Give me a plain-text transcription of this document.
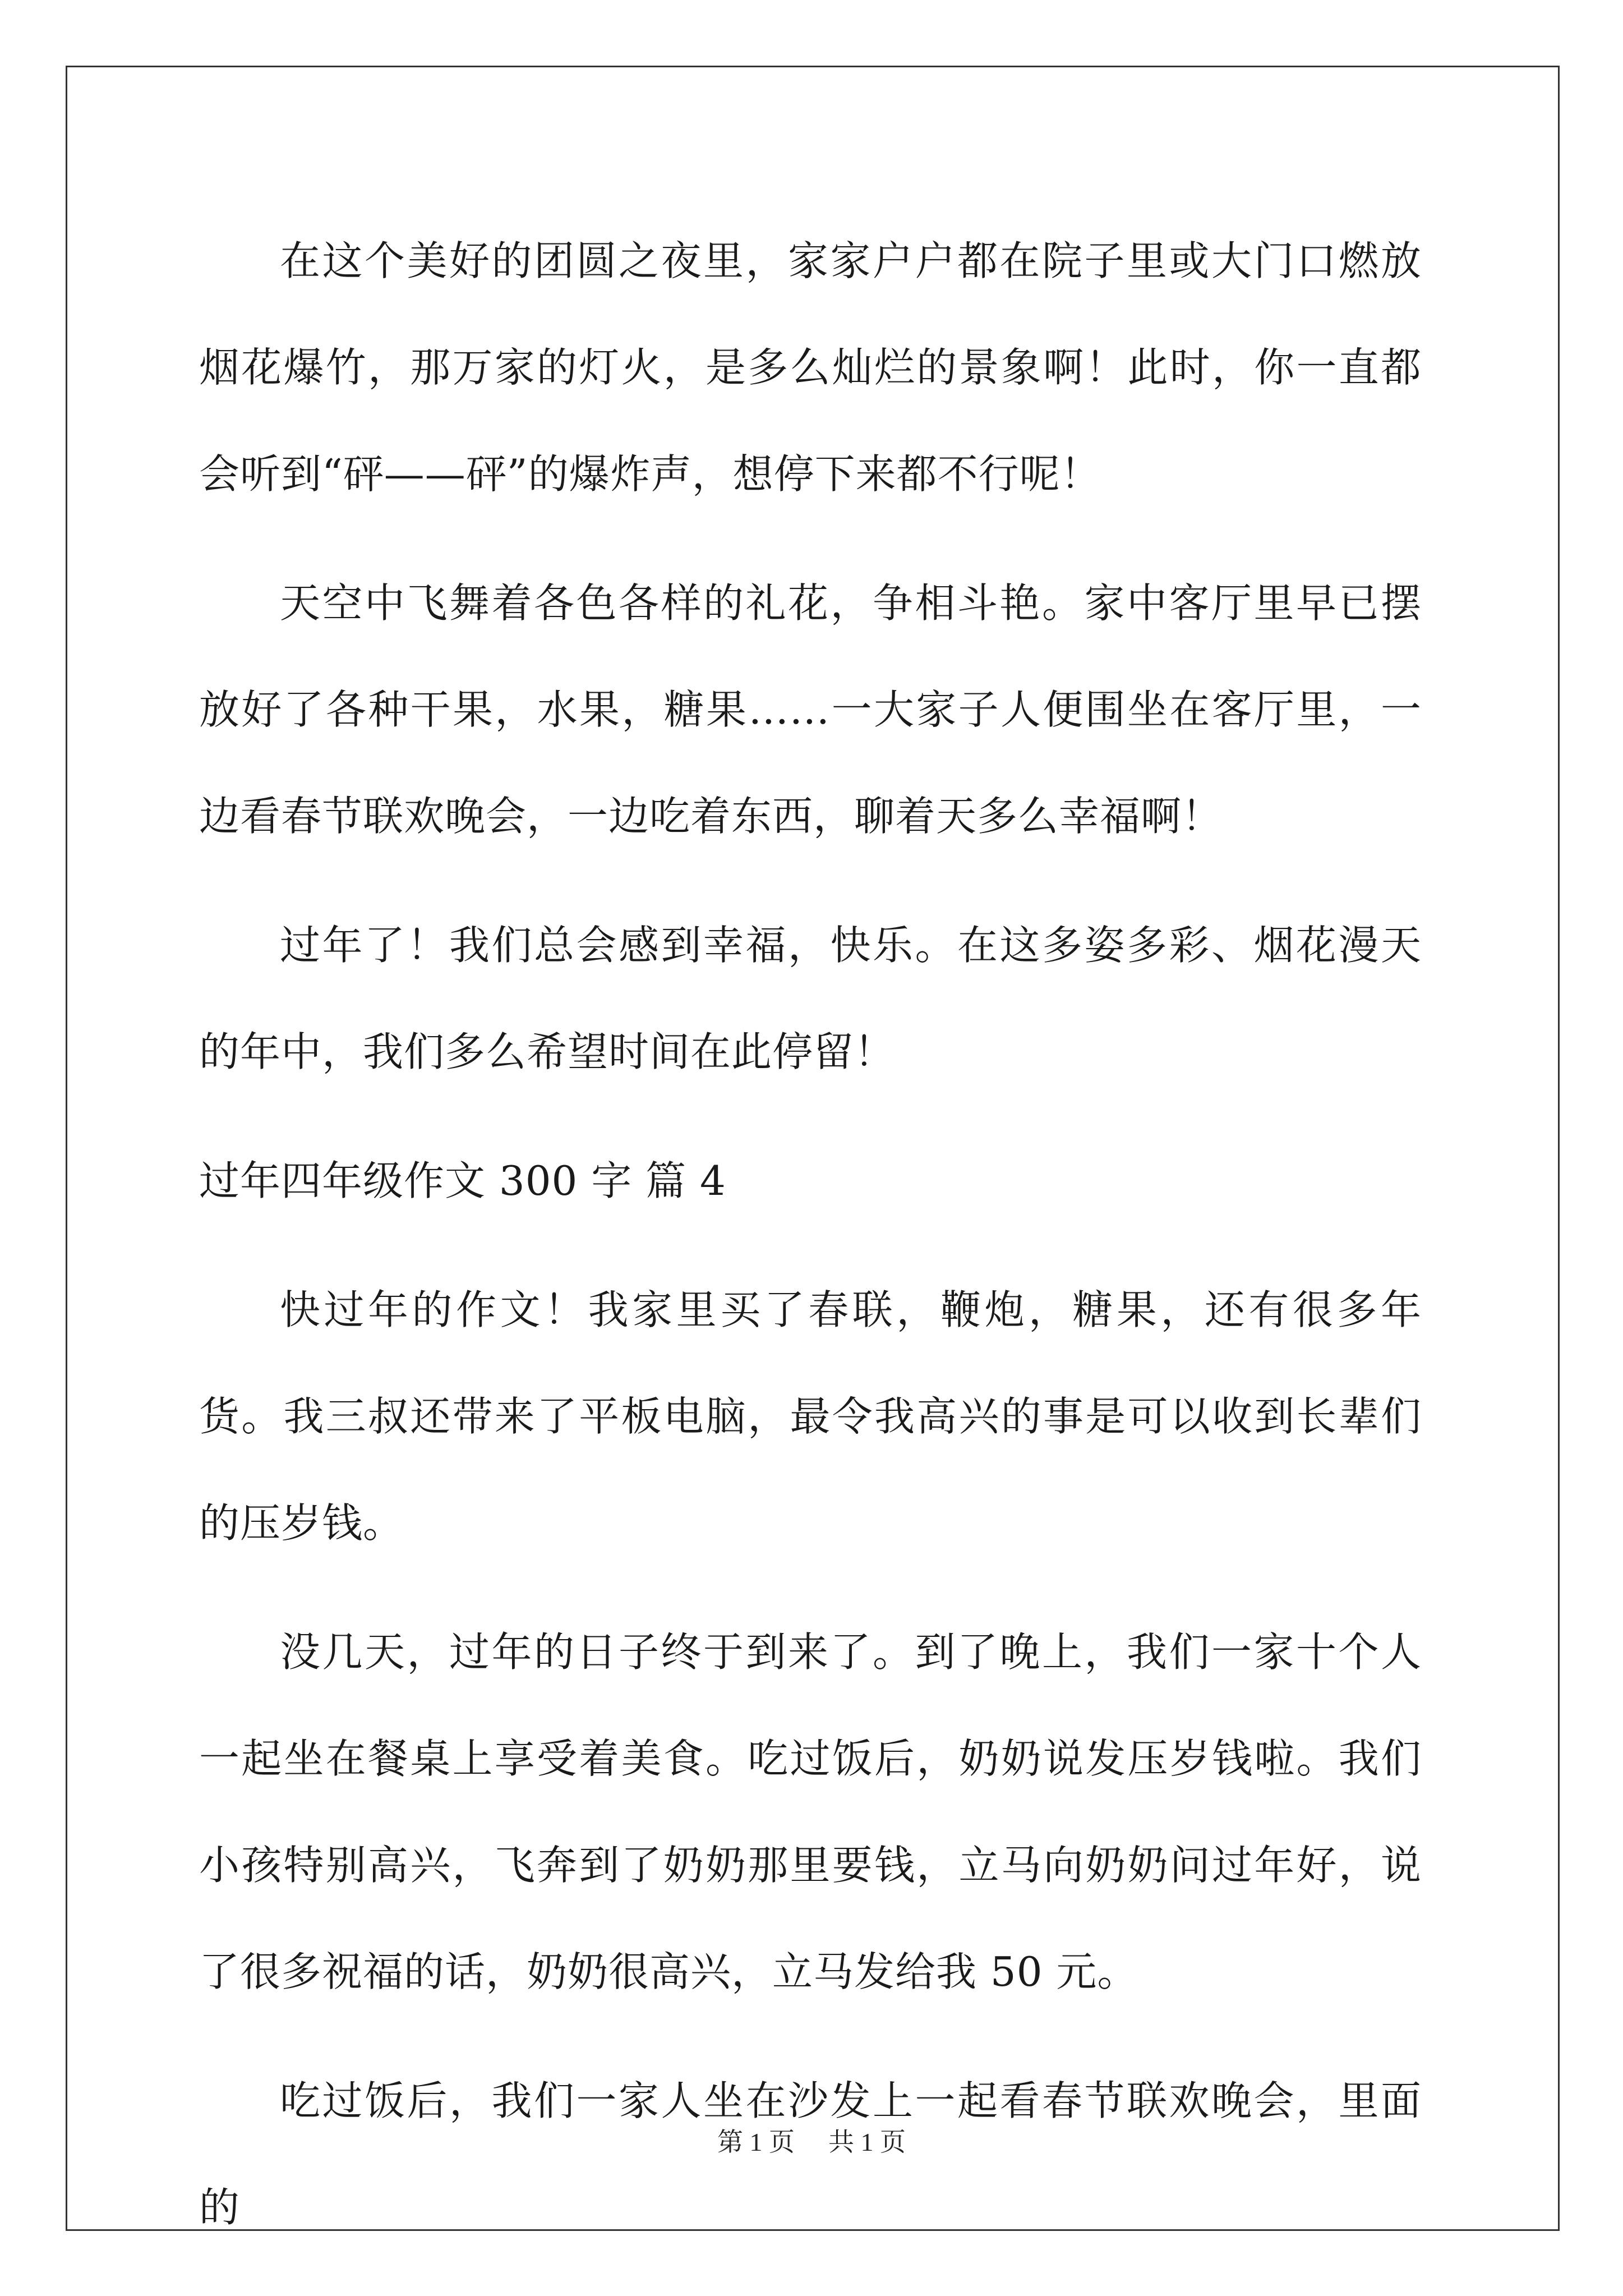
在这个美好的团圆之夜里，家家户户都在院子里或大门口燃放烟花爆竹，那万家的灯火，是多么灿烂的景象啊！此时，你一直都会听到“砰——砰”的爆炸声，想停下来都不行呢！

天空中飞舞着各色各样的礼花，争相斗艳。家中客厅里早已摆放好了各种干果，水果，糖果……一大家子人便围坐在客厅里，一边看春节联欢晚会，一边吃着东西，聊着天多么幸福啊！

过年了！我们总会感到幸福，快乐。在这多姿多彩、烟花漫天的年中，我们多么希望时间在此停留！

过年四年级作文 300 字 篇 4

快过年的作文！我家里买了春联，鞭炮，糖果，还有很多年货。我三叔还带来了平板电脑，最令我高兴的事是可以收到长辈们的压岁钱。

没几天，过年的日子终于到来了。到了晚上，我们一家十个人一起坐在餐桌上享受着美食。吃过饭后，奶奶说发压岁钱啦。我们小孩特别高兴，飞奔到了奶奶那里要钱，立马向奶奶问过年好，说 了很多祝福的话，奶奶很高兴，立马发给我 50 元。

吃过饭后，我们一家人坐在沙发上一起看春节联欢晚会，里面的

第 1 页 共 1 页
